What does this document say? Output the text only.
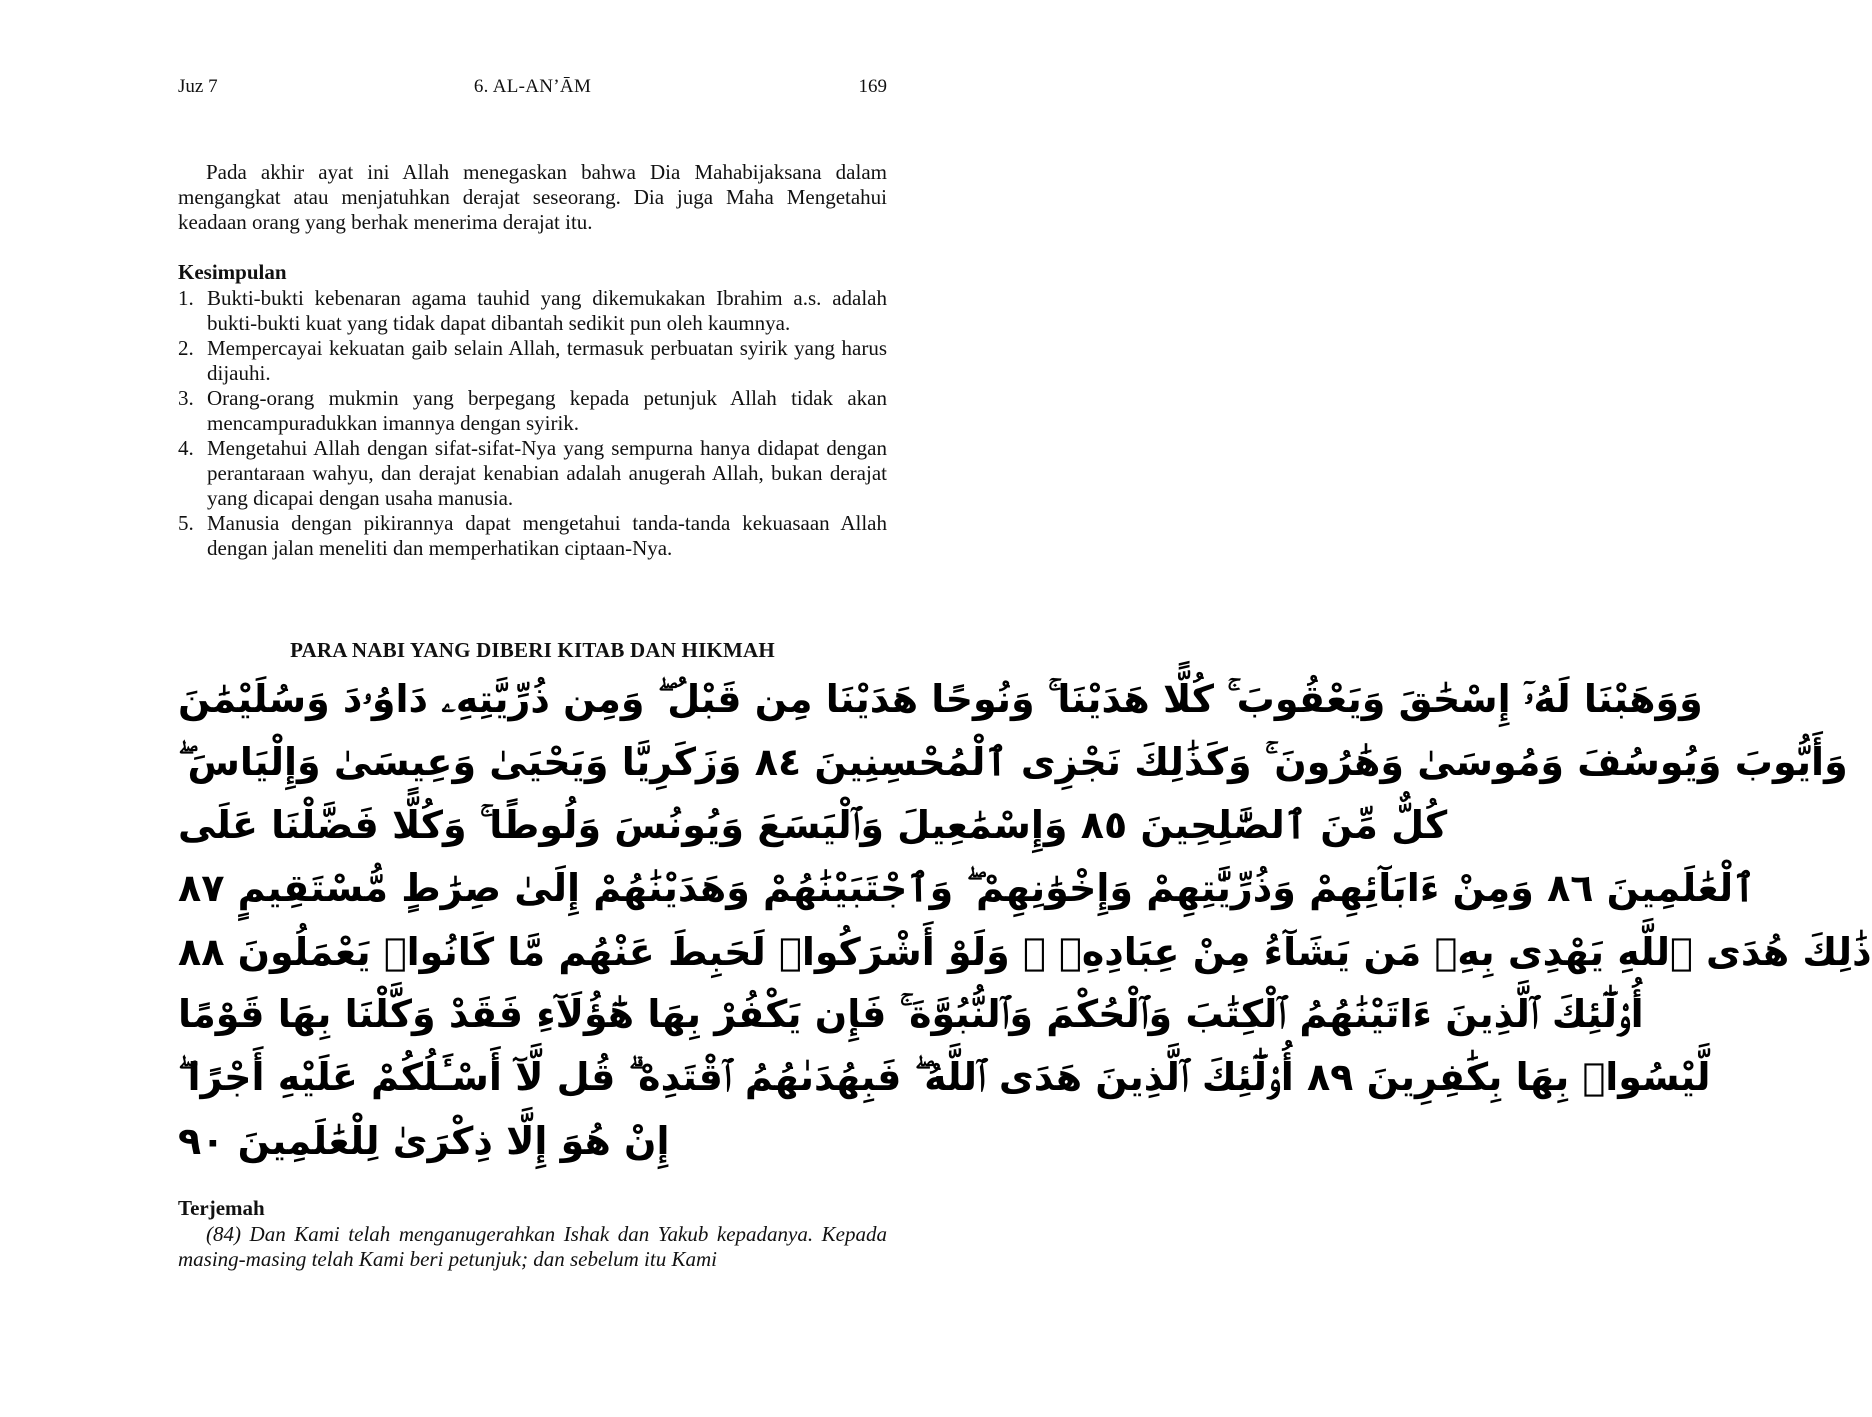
Juz 7	6. AL-AN’ĀM	169

Pada akhir ayat ini Allah menegaskan bahwa Dia Mahabijaksana dalam mengangkat atau menjatuhkan derajat seseorang. Dia juga Maha Mengetahui keadaan orang yang berhak menerima derajat itu.

Kesimpulan
1. Bukti-bukti kebenaran agama tauhid yang dikemukakan Ibrahim a.s. adalah bukti-bukti kuat yang tidak dapat dibantah sedikit pun oleh kaumnya.
2. Mempercayai kekuatan gaib selain Allah, termasuk perbuatan syirik yang harus dijauhi.
3. Orang-orang mukmin yang berpegang kepada petunjuk Allah tidak akan mencampuradukkan imannya dengan syirik.
4. Mengetahui Allah dengan sifat-sifat-Nya yang sempurna hanya didapat dengan perantaraan wahyu, dan derajat kenabian adalah anugerah Allah, bukan derajat yang dicapai dengan usaha manusia.
5. Manusia dengan pikirannya dapat mengetahui tanda-tanda kekuasaan Allah dengan jalan meneliti dan memperhatikan ciptaan-Nya.
PARA NABI YANG DIBERI KITAB DAN HIKMAH
وَوَهَبْنَا لَهُۥٓ إِسْحَٰقَ وَيَعْقُوبَ ۚ كُلًّا هَدَيْنَا ۚ وَنُوحًا هَدَيْنَا مِن قَبْلُ ۖ وَمِن ذُرِّيَّتِهِۦ دَاوُۥدَ وَسُلَيْمَٰنَ
وَأَيُّوبَ وَيُوسُفَ وَمُوسَىٰ وَهَٰرُونَ ۚ وَكَذَٰلِكَ نَجْزِى ٱلْمُحْسِنِينَ ٨٤ وَزَكَرِيَّا وَيَحْيَىٰ وَعِيسَىٰ وَإِلْيَاسَ ۖ
كُلٌّ مِّنَ ٱلصَّٰلِحِينَ ٨٥ وَإِسْمَٰعِيلَ وَٱلْيَسَعَ وَيُونُسَ وَلُوطًا ۚ وَكُلًّا فَضَّلْنَا عَلَى
ٱلْعَٰلَمِينَ ٨٦ وَمِنْ ءَابَآئِهِمْ وَذُرِّيَّٰتِهِمْ وَإِخْوَٰنِهِمْ ۖ وَٱجْتَبَيْنَٰهُمْ وَهَدَيْنَٰهُمْ إِلَىٰ صِرَٰطٍ مُّسْتَقِيمٍ ٨٧
ذَٰلِكَ هُدَى ٱللَّهِ يَهْدِى بِهِۦ مَن يَشَآءُ مِنْ عِبَادِهِۦ ۚ وَلَوْ أَشْرَكُوا۟ لَحَبِطَ عَنْهُم مَّا كَانُوا۟ يَعْمَلُونَ ٨٨
أُو۟لَٰٓئِكَ ٱلَّذِينَ ءَاتَيْنَٰهُمُ ٱلْكِتَٰبَ وَٱلْحُكْمَ وَٱلنُّبُوَّةَ ۚ فَإِن يَكْفُرْ بِهَا هَٰٓؤُلَآءِ فَقَدْ وَكَّلْنَا بِهَا قَوْمًا
لَّيْسُوا۟ بِهَا بِكَٰفِرِينَ ٨٩ أُو۟لَٰٓئِكَ ٱلَّذِينَ هَدَى ٱللَّهُ ۖ فَبِهُدَىٰهُمُ ٱقْتَدِهْ ۗ قُل لَّآ أَسْـَٔلُكُمْ عَلَيْهِ أَجْرًا ۖ
إِنْ هُوَ إِلَّا ذِكْرَىٰ لِلْعَٰلَمِينَ ٩٠
Terjemah

(84) Dan Kami telah menganugerahkan Ishak dan Yakub kepadanya. Kepada masing-masing telah Kami beri petunjuk; dan sebelum itu Kami
